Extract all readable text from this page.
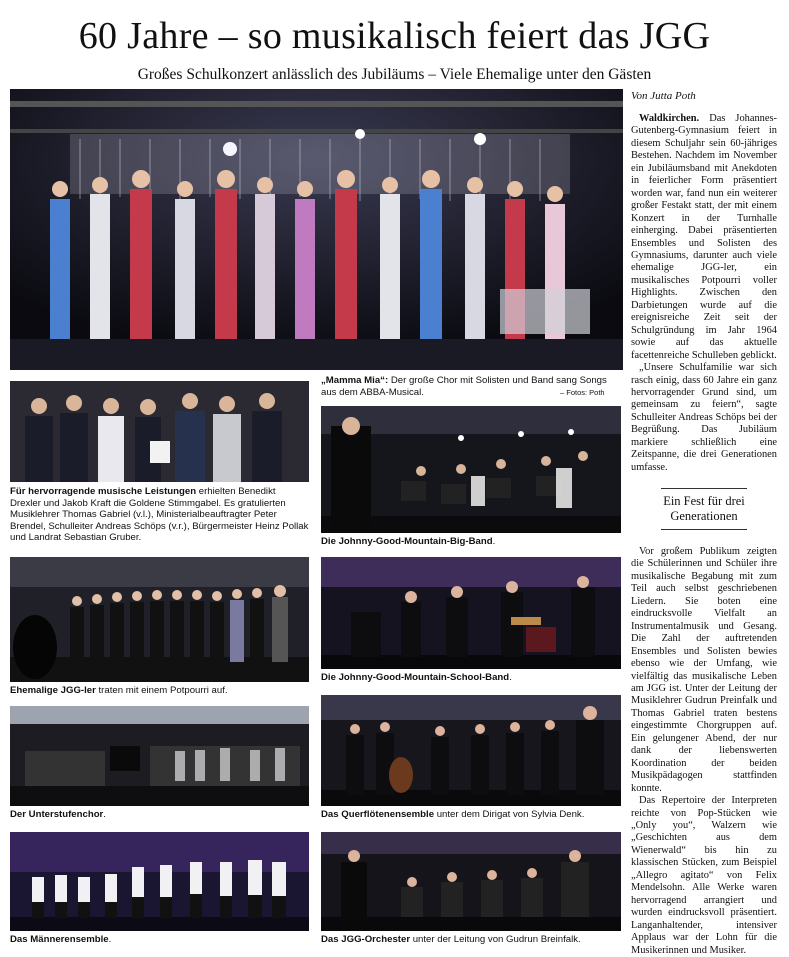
60 Jahre – so musikalisch feiert das JGG
Großes Schulkonzert anlässlich des Jubiläums – Viele Ehemalige unter den Gästen
„Mamma Mia“: Der große Chor mit Solisten und Band sang Songs aus dem ABBA-Musical.	– Fotos: Poth
Für hervorragende musische Leistungen erhielten Benedikt Drexler und Jakob Kraft die Goldene Stimmgabel. Es gratulierten Musiklehrer Thomas Gabriel (v.l.), Ministerialbeauftragter Peter Brendel, Schulleiter Andreas Schöps (v.r.), Bürgermeister Heinz Pollak und Landrat Sebastian Gruber.
Ehemalige JGG-ler traten mit einem Potpourri auf.
Der Unterstufenchor.
Das Männerensemble.
Die Johnny-Good-Mountain-Big-Band.
Die Johnny-Good-Mountain-School-Band.
Das Querflötenensemble unter dem Dirigat von Sylvia Denk.
Das JGG-Orchester unter der Leitung von Gudrun Breinfalk.
Von Jutta Poth

Waldkirchen. Das Johannes-Gutenberg-Gymnasium feiert in diesem Schuljahr sein 60-jähriges Bestehen. Nachdem im November ein Jubiläumsband mit Anekdoten in feierlicher Form präsentiert worden war, fand nun ein weiterer großer Festakt statt, der mit einem Konzert in der Turnhalle einherging. Dabei präsentierten Ensembles und Solisten des Gymnasiums, darunter auch viele ehemalige JGG-ler, ein musikalisches Potpourri voller Highlights. Zwischen den Darbietungen wurde auf die ereignisreiche Zeit seit der Schulgründung im Jahr 1964 sowie auf das aktuelle facettenreiche Schulleben geblickt.

„Unsere Schulfamilie war sich rasch einig, dass 60 Jahre ein ganz hervorragender Grund sind, um gemeinsam zu feiern“, sagte Schulleiter Andreas Schöps bei der Begrüßung. Das Jubiläum markiere schließlich eine Zeitspanne, die drei Generationen umfasse.

Ein Fest für drei Generationen

Vor großem Publikum zeigten die Schülerinnen und Schüler ihre musikalische Begabung mit zum Teil auch selbst geschriebenen Liedern. Sie boten eine eindrucksvolle Vielfalt an Instrumentalmusik und Gesang. Die Zahl der auftretenden Ensembles und Solisten bewies ebenso wie der Umfang, wie vielfältig das musikalische Leben am JGG ist. Unter der Leitung der Musiklehrer Gudrun Preinfalk und Thomas Gabriel traten bestens eingestimmte Chorgruppen auf. Ein gelungener Abend, der nur dank der liebenswerten Koordination der beiden Musikpädagogen stattfinden konnte.

Das Repertoire der Interpreten reichte von Pop-Stücken wie „Only you“, Walzern wie „Geschichten aus dem Wienerwald“ bis hin zu klassischen Stücken, zum Beispiel „Allegro agitato“ von Felix Mendelsohn. Alle Werke waren hervorragend arrangiert und wurden eindrucksvoll präsentiert. Langanhaltender, intensiver Applaus war der Lohn für die Musikerinnen und Musiker.
